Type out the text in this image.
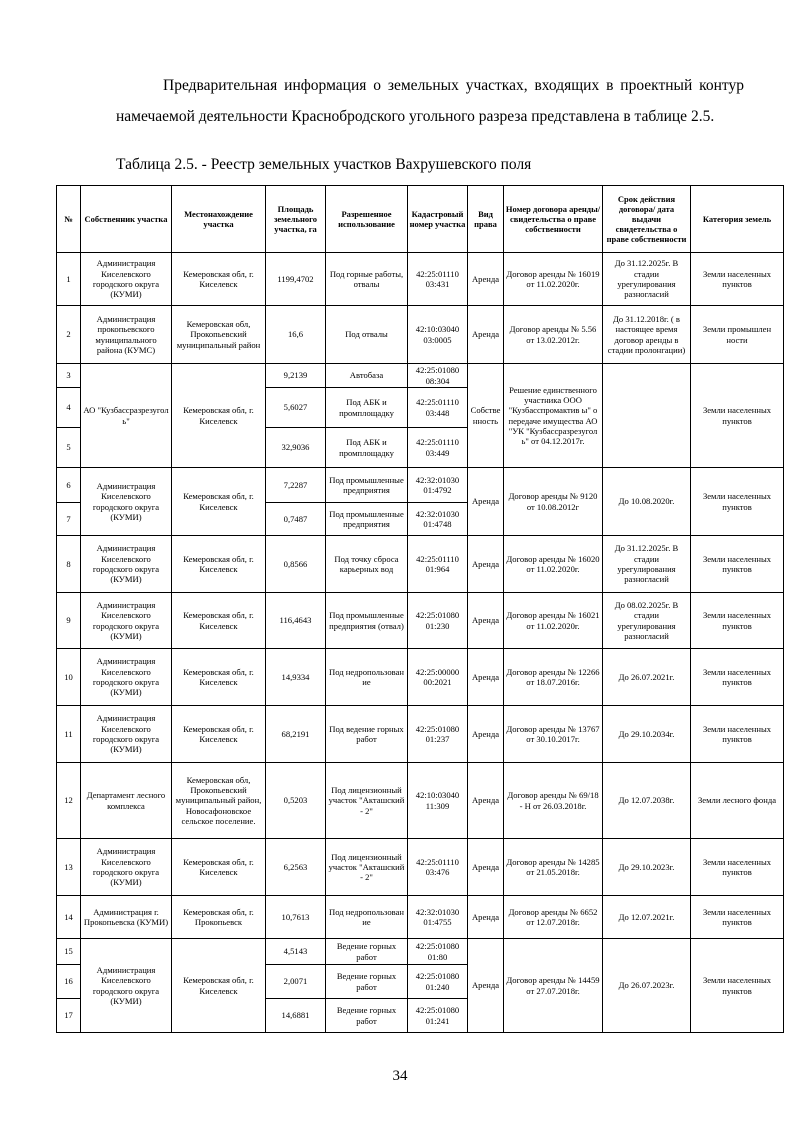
Предварительная информация о земельных участках, входящих в проектный контур намечаемой деятельности Краснобродского угольного разреза представлена в таблице 2.5.

Таблица 2.5. - Реестр земельных участков Вахрушевского поля
№	Собственник участка	Местонахождение участка	Площадь земельного участка, га	Разрешенное использование	Кадастровый номер участка	Вид права	Номер договора аренды/ свидетельства о праве собственности	Срок действия договора/ дата выдачи свидетельства о праве собственности	Категория земель
1	Администрация Киселевского городского округа (КУМИ)	Кемеровская обл, г. Киселевск	1199,4702	Под горные работы, отвалы	42:25:01110 03:431	Аренда	Договор аренды № 16019 от 11.02.2020г.	До 31.12.2025г. В стадии урегулирования разногласий	Земли населенных пунктов
2	Администрация прокопьевского муниципального района (КУМС)	Кемеровская обл, Прокопьевский муниципальный район	16,6	Под отвалы	42:10:03040 03:0005	Аренда	Договор аренды № 5.56 от 13.02.2012г.	До 31.12.2018г. ( в настоящее время договор аренды в стадии пролонгации)	Земли промышлен ности
3	АО "Кузбассразрезугол ь"	Кемеровская обл, г. Киселевск	9,2139	Автобаза	42:25:01080 08:304	Собстве нность	Решение единственного участника ООО "Кузбасспромактив ы" о передаче имущества АО "УК "Кузбассразрезугол ь" от 04.12.2017г.		Земли населенных пунктов
4			5,6027	Под АБК и промплощадку	42:25:01110 03:448				
5			32,9036	Под АБК и промплощадку	42:25:01110 03:449				
6	Администрация Киселевского городского округа (КУМИ)	Кемеровская обл, г. Киселевск	7,2287	Под промышленные предприятия	42:32:01030 01:4792	Аренда	Договор аренды № 9120 от 10.08.2012г	До 10.08.2020г.	Земли населенных пунктов
7			0,7487	Под промышленные предприятия	42:32:01030 01:4748				
8	Администрация Киселевского городского округа (КУМИ)	Кемеровская обл, г. Киселевск	0,8566	Под точку сброса карьерных вод	42:25:01110 01:964	Аренда	Договор аренды № 16020 от 11.02.2020г.	До 31.12.2025г. В стадии урегулирования разногласий	Земли населенных пунктов
9	Администрация Киселевского городского округа (КУМИ)	Кемеровская обл, г. Киселевск	116,4643	Под промышленные предприятия (отвал)	42:25:01080 01:230	Аренда	Договор аренды № 16021 от 11.02.2020г.	До 08.02.2025г. В стадии урегулирования разногласий	Земли населенных пунктов
10	Администрация Киселевского городского округа (КУМИ)	Кемеровская обл, г. Киселевск	14,9334	Под недропользован ие	42:25:00000 00:2021	Аренда	Договор аренды № 12266 от 18.07.2016г.	До 26.07.2021г.	Земли населенных пунктов
11	Администрация Киселевского городского округа (КУМИ)	Кемеровская обл, г. Киселевск	68,2191	Под ведение горных работ	42:25:01080 01:237	Аренда	Договор аренды № 13767 от 30.10.2017г.	До 29.10.2034г.	Земли населенных пунктов
12	Департамент лесного комплекса	Кемеровская обл, Прокопьевский муниципальный район, Новосафоновское сельское поселение.	0,5203	Под лицензионный участок "Акташский - 2"	42:10:03040 11:309	Аренда	Договор аренды № 69/18 - Н от 26.03.2018г.	До 12.07.2038г.	Земли лесного фонда
13	Администрация Киселевского городского округа (КУМИ)	Кемеровская обл, г. Киселевск	6,2563	Под лицензионный участок "Акташский - 2"	42:25:01110 03:476	Аренда	Договор аренды № 14285 от 21.05.2018г.	До 29.10.2023г.	Земли населенных пунктов
14	Администрация г. Прокопьевска (КУМИ)	Кемеровская обл, г. Прокопьевск	10,7613	Под недропользован ие	42:32:01030 01:4755	Аренда	Договор аренды № 6652 от 12.07.2018г.	До 12.07.2021г.	Земли населенных пунктов
15	Администрация Киселевского городского округа (КУМИ)	Кемеровская обл, г. Киселевск	4,5143	Ведение горных работ	42:25:01080 01:80	Аренда	Договор аренды № 14459 от 27.07.2018г.	До 26.07.2023г.	Земли населенных пунктов
16			2,0071	Ведение горных работ	42:25:01080 01:240				
17			14,6881	Ведение горных работ	42:25:01080 01:241				
34
